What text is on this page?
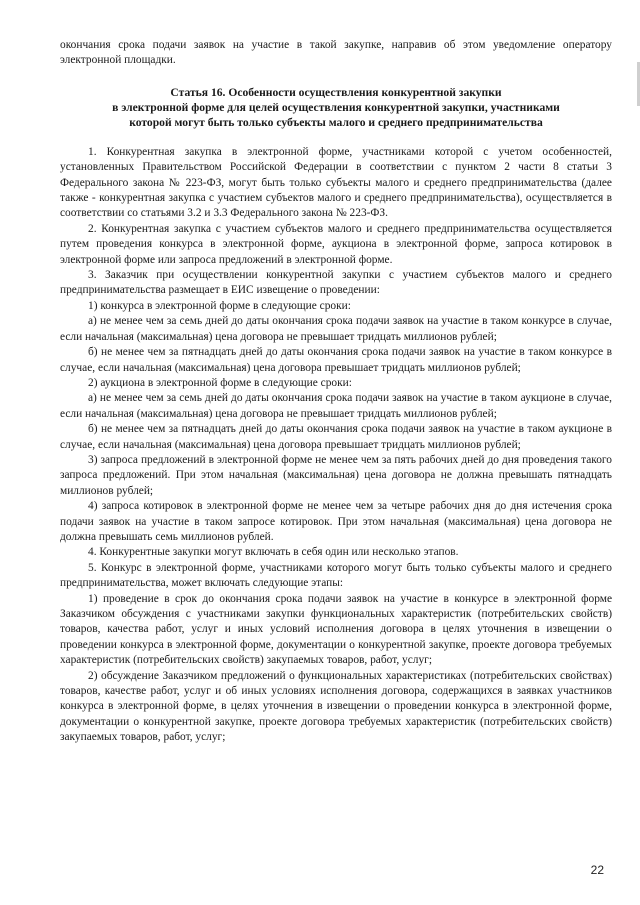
окончания срока подачи заявок на участие в такой закупке, направив об этом уведомление оператору электронной площадки.

Статья 16. Особенности осуществления конкурентной закупки
в электронной форме для целей осуществления конкурентной закупки, участниками
которой могут быть только субъекты малого и среднего предпринимательства

1. Конкурентная закупка в электронной форме, участниками которой с учетом особенностей, установленных Правительством Российской Федерации в соответствии с пунктом 2 части 8 статьи 3 Федерального закона № 223-ФЗ, могут быть только субъекты малого и среднего предпринимательства (далее также - конкурентная закупка с участием субъектов малого и среднего предпринимательства), осуществляется в соответствии со статьями 3.2 и 3.3 Федерального закона № 223-ФЗ.

2. Конкурентная закупка с участием субъектов малого и среднего предпринимательства осуществляется путем проведения конкурса в электронной форме, аукциона в электронной форме, запроса котировок в электронной форме или запроса предложений в электронной форме.

3. Заказчик при осуществлении конкурентной закупки с участием субъектов малого и среднего предпринимательства размещает в ЕИС извещение о проведении:

1) конкурса в электронной форме в следующие сроки:

а) не менее чем за семь дней до даты окончания срока подачи заявок на участие в таком конкурсе в случае, если начальная (максимальная) цена договора не превышает тридцать миллионов рублей;

б) не менее чем за пятнадцать дней до даты окончания срока подачи заявок на участие в таком конкурсе в случае, если начальная (максимальная) цена договора превышает тридцать миллионов рублей;

2) аукциона в электронной форме в следующие сроки:

а) не менее чем за семь дней до даты окончания срока подачи заявок на участие в таком аукционе в случае, если начальная (максимальная) цена договора не превышает тридцать миллионов рублей;

б) не менее чем за пятнадцать дней до даты окончания срока подачи заявок на участие в таком аукционе в случае, если начальная (максимальная) цена договора превышает тридцать миллионов рублей;

3) запроса предложений в электронной форме не менее чем за пять рабочих дней до дня проведения такого запроса предложений. При этом начальная (максимальная) цена договора не должна превышать пятнадцать миллионов рублей;

4) запроса котировок в электронной форме не менее чем за четыре рабочих дня до дня истечения срока подачи заявок на участие в таком запросе котировок. При этом начальная (максимальная) цена договора не должна превышать семь миллионов рублей.

4. Конкурентные закупки могут включать в себя один или несколько этапов.

5. Конкурс в электронной форме, участниками которого могут быть только субъекты малого и среднего предпринимательства, может включать следующие этапы:

1) проведение в срок до окончания срока подачи заявок на участие в конкурсе в электронной форме Заказчиком обсуждения с участниками закупки функциональных характеристик (потребительских свойств) товаров, качества работ, услуг и иных условий исполнения договора в целях уточнения в извещении о проведении конкурса в электронной форме, документации о конкурентной закупке, проекте договора требуемых характеристик (потребительских свойств) закупаемых товаров, работ, услуг;

2) обсуждение Заказчиком предложений о функциональных характеристиках (потребительских свойствах) товаров, качестве работ, услуг и об иных условиях исполнения договора, содержащихся в заявках участников конкурса в электронной форме, в целях уточнения в извещении о проведении конкурса в электронной форме, документации о конкурентной закупке, проекте договора требуемых характеристик (потребительских свойств) закупаемых товаров, работ, услуг;

22
